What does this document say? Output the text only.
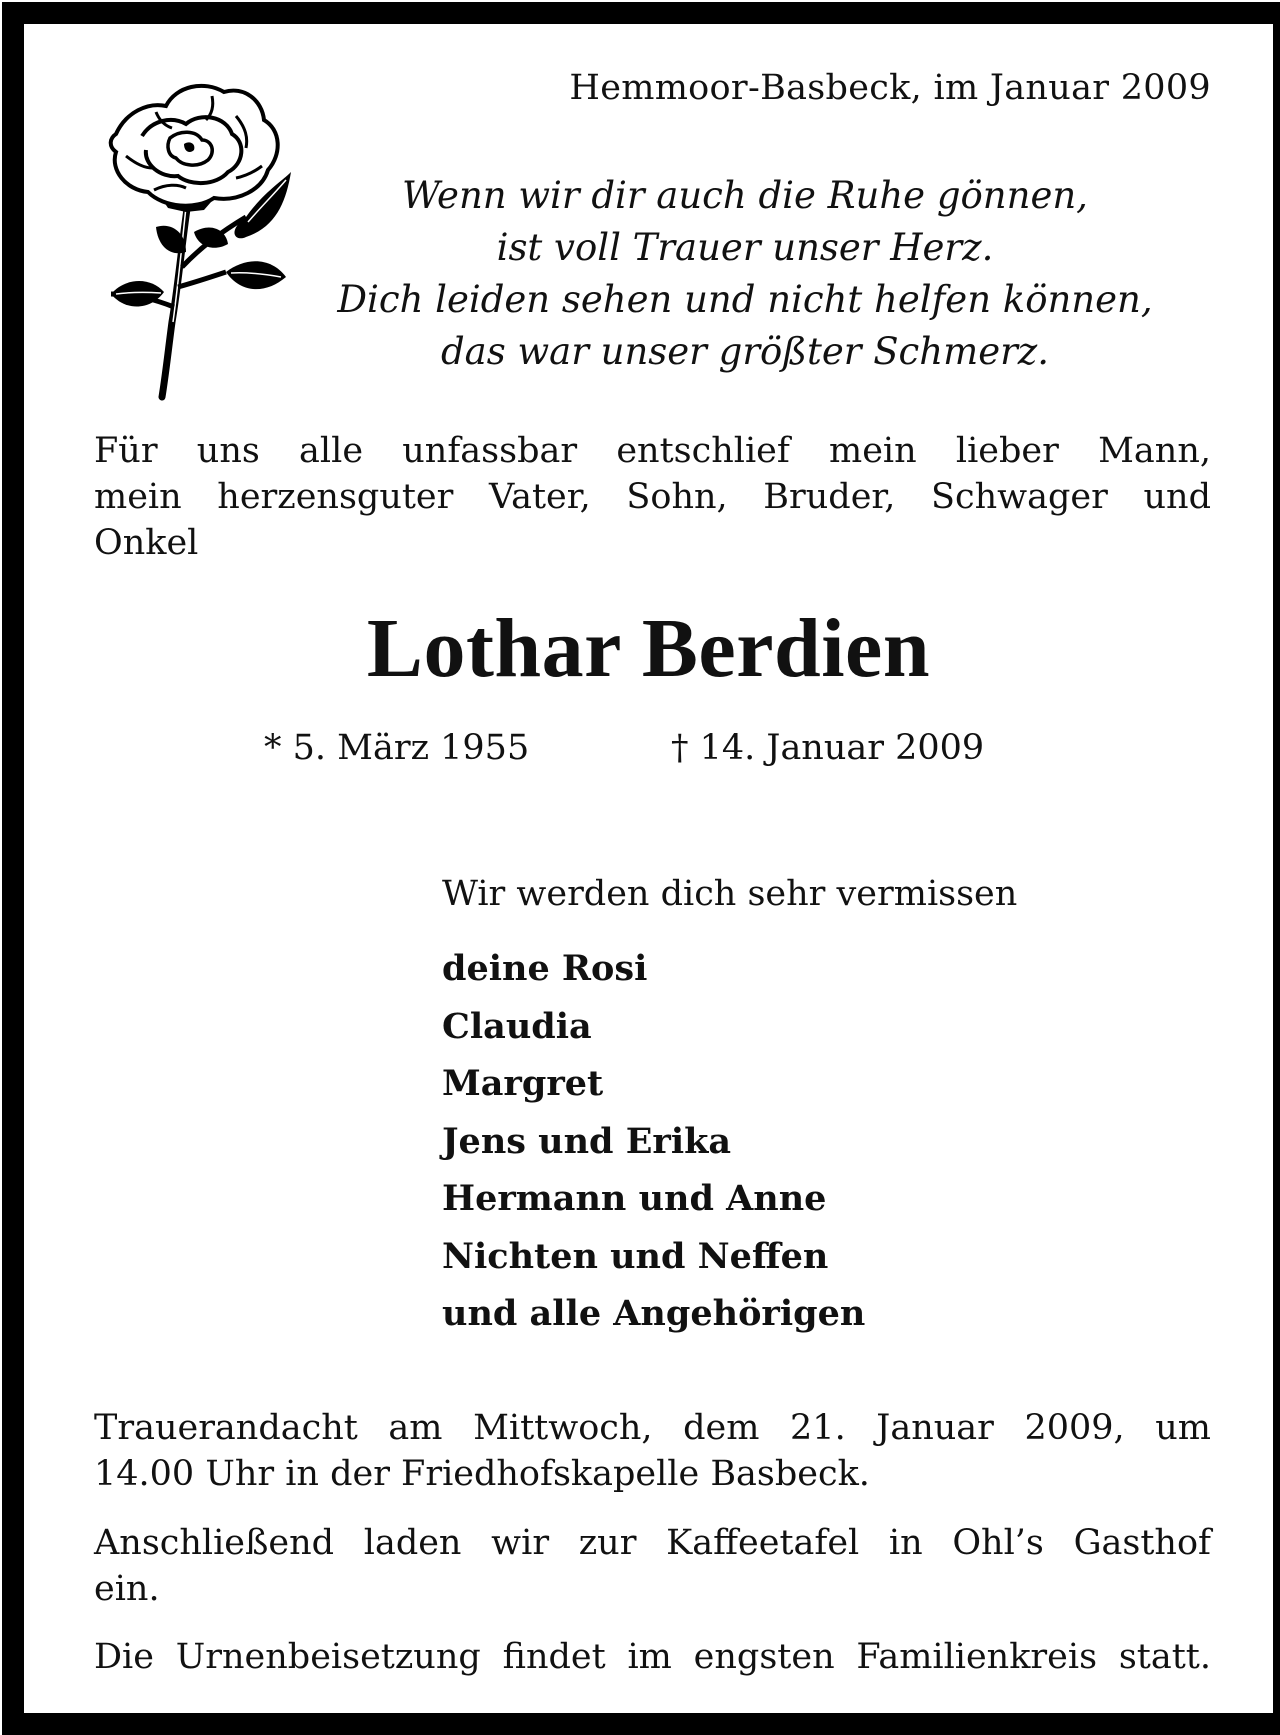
Hemmoor-Basbeck, im Januar 2009
Wenn wir dir auch die Ruhe gönnen,
ist voll Trauer unser Herz.
Dich leiden sehen und nicht helfen können,
das war unser größter Schmerz.
Für uns alle unfassbar entschlief mein lieber Mann,
mein herzensguter Vater, Sohn, Bruder, Schwager und
Onkel
Lothar Berdien
* 5. März 1955	† 14. Januar 2009
Wir werden dich sehr vermissen
deine Rosi
Claudia
Margret
Jens und Erika
Hermann und Anne
Nichten und Neffen
und alle Angehörigen
Trauerandacht am Mittwoch, dem 21. Januar 2009, um
14.00 Uhr in der Friedhofskapelle Basbeck.
Anschließend laden wir zur Kaffeetafel in Ohl’s Gasthof
ein.
Die Urnenbeisetzung findet im engsten Familienkreis statt.
